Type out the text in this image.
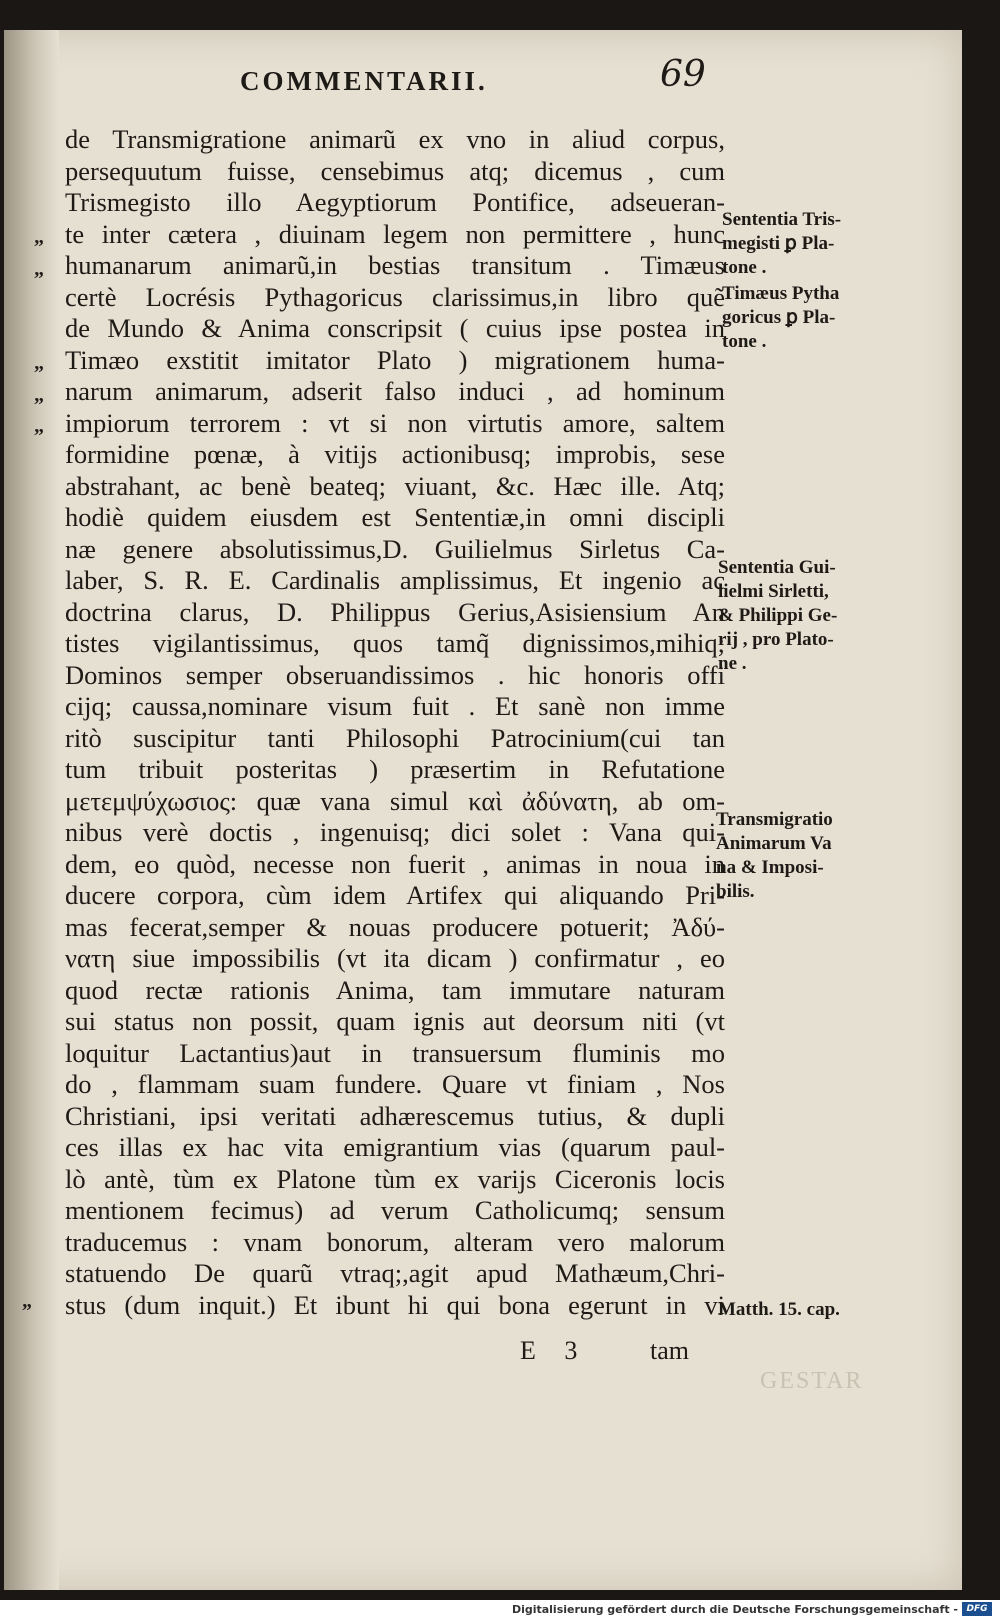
COMMENTARII.	69
de Transmigratione animarũ ex vno in aliud corpus,
persequutum fuisse, censebimus atq; dicemus , cum
Trismegisto illo Aegyptiorum Pontifice, adseueran-
te inter cætera , diuinam legem non permittere , hunc
humanarum animarũ,in bestias transitum . Timæus
certè Locrésis Pythagoricus clarissimus,in libro quẽ
de Mundo & Anima conscripsit ( cuius ipse postea in
Timæo exstitit imitator Plato ) migrationem huma-
narum animarum, adserit falso induci , ad hominum
impiorum terrorem : vt si non virtutis amore, saltem
formidine pœnæ, à vitijs actionibusq; improbis, sese
abstrahant, ac benè beateq; viuant, &c. Hæc ille. Atq;
hodiè quidem eiusdem est Sententiæ,in omni discipli
næ genere absolutissimus,D. Guilielmus Sirletus Ca-
laber, S. R. E. Cardinalis amplissimus, Et ingenio ac
doctrina clarus, D. Philippus Gerius,Asisiensium An
tistes vigilantissimus, quos tamq̃ dignissimos,mihiq;
Dominos semper obseruandissimos . hic honoris offi
cijq; caussa,nominare visum fuit . Et sanè non imme
ritò suscipitur tanti Philosophi Patrocinium(cui tan
tum tribuit posteritas ) præsertim in Refutatione
μετεμψύχωσιος: quæ vana simul καὶ ἀδύνατη, ab om-
nibus verè doctis , ingenuisq; dici solet : Vana qui-
dem, eo quòd, necesse non fuerit , animas in noua in
ducere corpora, cùm idem Artifex qui aliquando Pri-
mas fecerat,semper & nouas producere potuerit; Ἀδύ-
νατη siue impossibilis (vt ita dicam ) confirmatur , eo
quod rectæ rationis Anima, tam immutare naturam
sui status non possit, quam ignis aut deorsum niti (vt
loquitur Lactantius)aut in transuersum fluminis mo
do , flammam suam fundere. Quare vt finiam , Nos
Christiani, ipsi veritati adhærescemus tutius, & dupli
ces illas ex hac vita emigrantium vias (quarum paul-
lò antè, tùm ex Platone tùm ex varijs Ciceronis locis
mentionem fecimus) ad verum Catholicumq; sensum
traducemus : vnam bonorum, alteram vero malorum
statuendo De quarũ vtraq;,agit apud Mathæum,Chri-
stus (dum inquit.) Et ibunt hi qui bona egerunt in vi
„
„
„
„
„
„
Sententia Tris-
megisti ꝑ Pla-
tone .
Timæus Pytha
goricus ꝑ Pla-
tone .
Sententia Gui-
lielmi Sirletti,
& Philippi Ge-
rij , pro Plato-
ne .
Transmigratio
Animarum Va
na & Imposi-
bilis.
Matth. 15. cap.
E 3	tam
GESTAR
Digitalisierung gefördert durch die Deutsche Forschungsgemeinschaft - DFG
